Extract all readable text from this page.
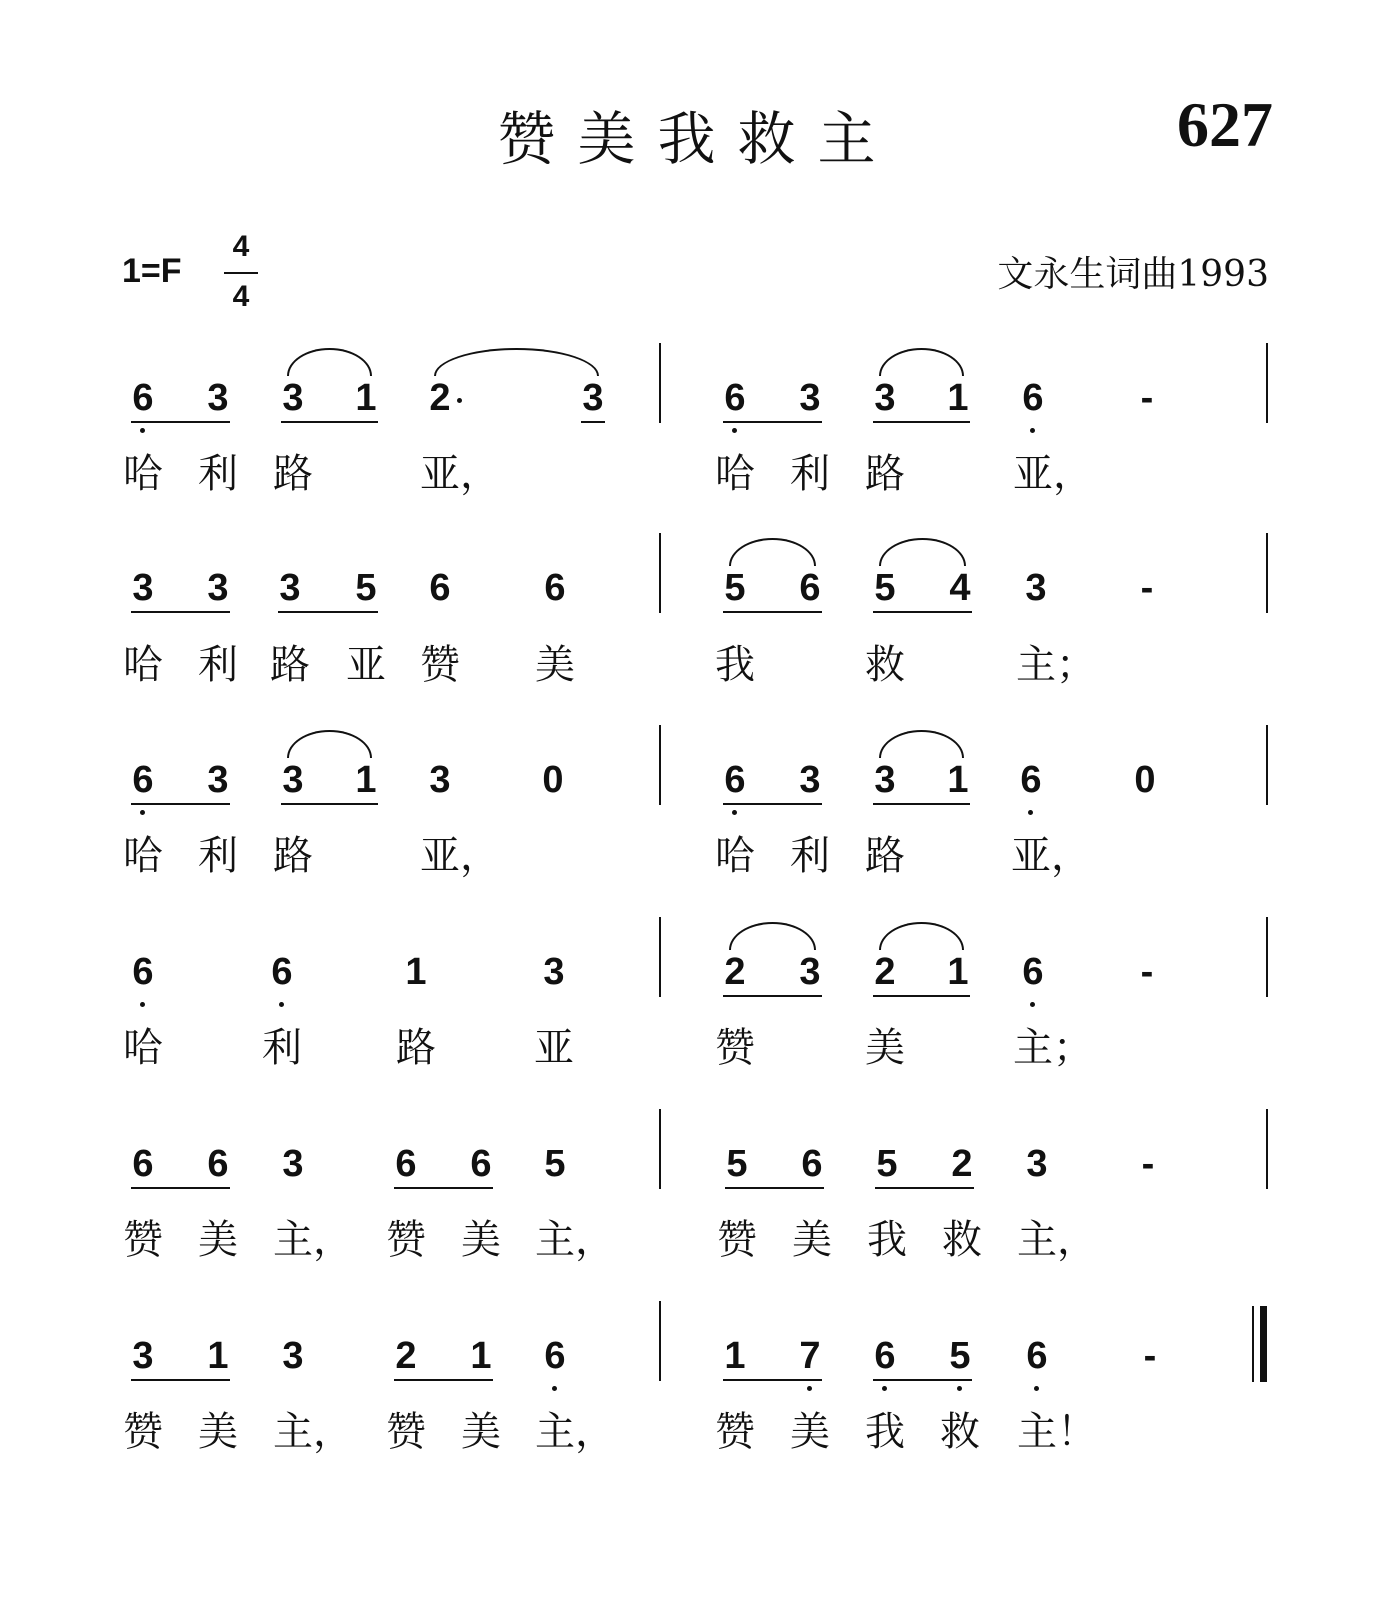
赞美我救主	627
1=F
4
4
文永生词曲1993
6 3 3 1 2	3
哈 利 路	亚，
6 3 3 1 6	-
哈 利 路	亚，
3 3 3 5 6 6
哈 利 路 亚 赞 美
5 6 5 4 3	-
我	救	主；
6 3 3 1 3 0
哈 利 路	亚，
6 3 3 1 6 0
哈 利 路	亚，
6	6	1	3
哈 利 路 亚
2 3 2 1 6	-
赞	美	主；
6 6 3 6 6 5
赞 美 主， 赞 美 主，
5 6 5 2 3	-
赞 美 我 救 主，
3 1 3 2 1 6
赞 美 主， 赞 美 主，
1 7 6 5 6	-
赞 美 我 救 主！
